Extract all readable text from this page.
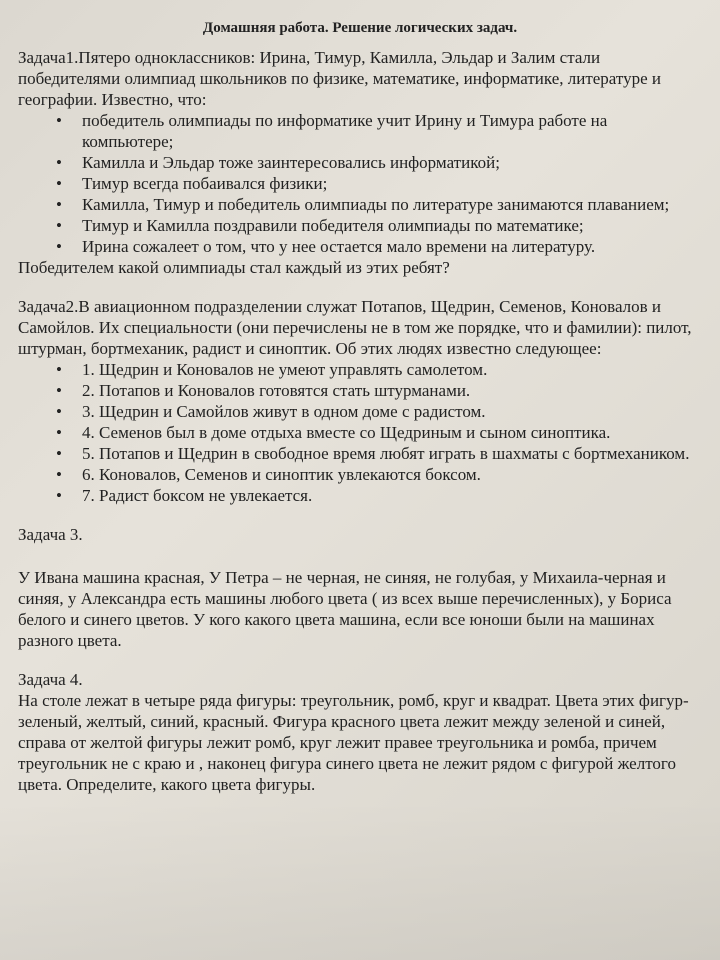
Домашняя работа. Решение логических задач.

Задача1.Пятеро одноклассников: Ирина, Тимур, Камилла, Эльдар и Залим стали победителями олимпиад школьников по физике, математике, информатике, литературе и географии. Известно, что:

• победитель олимпиады по информатике учит Ирину и Тимура работе на компьютере;
• Камилла и Эльдар тоже заинтересовались информатикой;
• Тимур всегда побаивался физики;
• Камилла, Тимур и победитель олимпиады по литературе занимаются плаванием;
• Тимур и Камилла поздравили победителя олимпиады по математике;
• Ирина сожалеет о том, что у нее остается мало времени на литературу.

Победителем какой олимпиады стал каждый из этих ребят?

Задача2.В авиационном подразделении служат Потапов, Щедрин, Семенов, Коновалов и Самойлов. Их специальности (они перечислены не в том же порядке, что и фамилии): пилот, штурман, бортмеханик, радист и синоптик. Об этих людях известно следующее:

• 1. Щедрин и Коновалов не умеют управлять самолетом.
• 2. Потапов и Коновалов готовятся стать штурманами.
• 3. Щедрин и Самойлов живут в одном доме с радистом.
• 4. Семенов был в доме отдыха вместе со Щедриным и сыном синоптика.
• 5. Потапов и Щедрин в свободное время любят играть в шахматы с бортмехаником.
• 6. Коновалов, Семенов и синоптик увлекаются боксом.
• 7. Радист боксом не увлекается.

Задача 3.

У Ивана машина красная, У Петра – не черная, не синяя, не голубая, у Михаила-черная и синяя, у Александра есть машины любого цвета ( из всех выше перечисленных), у Бориса белого и синего цветов. У кого какого цвета машина, если все юноши были на машинах разного цвета.

Задача 4.

На столе лежат в четыре ряда фигуры: треугольник, ромб, круг и квадрат. Цвета этих фигур- зеленый, желтый, синий, красный. Фигура красного цвета лежит между зеленой и синей, справа от желтой фигуры лежит ромб, круг лежит правее треугольника и ромба, причем треугольник не с краю и , наконец фигура синего цвета не лежит рядом с фигурой желтого цвета. Определите, какого цвета фигуры.
